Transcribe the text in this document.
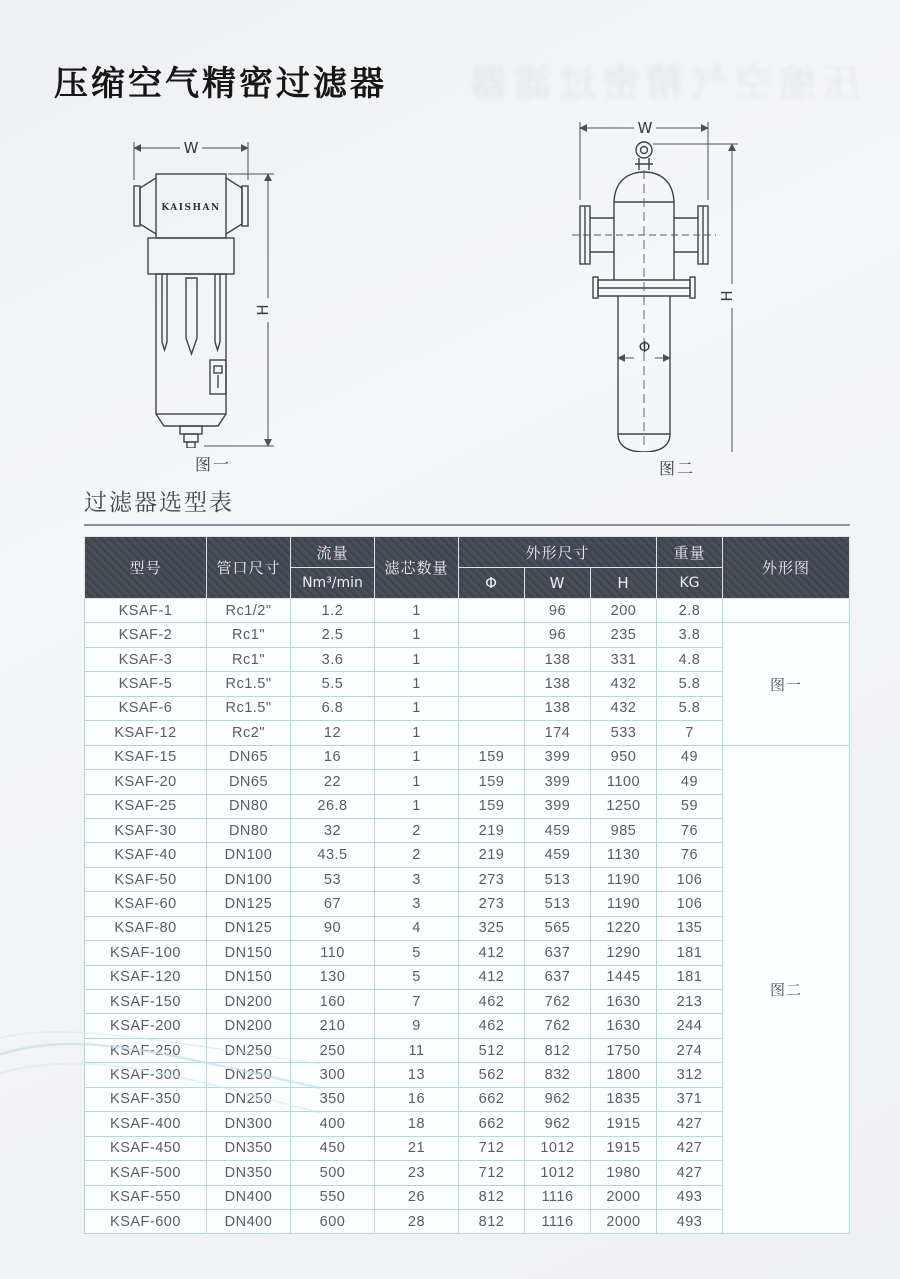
压缩空气精密过滤器
压缩空气精密过滤器
W
KAISHAN
H
图一
W
Φ
H
图二
过滤器选型表
型号	管口尺寸	流量	滤芯数量	外形尺寸			重量	外形图
		Nm³/min		Φ	W	H	KG	
KSAF-1	Rc1/2"	1.2	1		96	200	2.8	
KSAF-2	Rc1"	2.5	1		96	235	3.8	图一
KSAF-3	Rc1"	3.6	1		138	331	4.8	
KSAF-5	Rc1.5"	5.5	1		138	432	5.8	
KSAF-6	Rc1.5"	6.8	1		138	432	5.8	
KSAF-12	Rc2"	12	1		174	533	7	
KSAF-15	DN65	16	1	159	399	950	49	图二
KSAF-20	DN65	22	1	159	399	1100	49	
KSAF-25	DN80	26.8	1	159	399	1250	59	
KSAF-30	DN80	32	2	219	459	985	76	
KSAF-40	DN100	43.5	2	219	459	1130	76	
KSAF-50	DN100	53	3	273	513	1190	106	
KSAF-60	DN125	67	3	273	513	1190	106	
KSAF-80	DN125	90	4	325	565	1220	135	
KSAF-100	DN150	110	5	412	637	1290	181	
KSAF-120	DN150	130	5	412	637	1445	181	
KSAF-150	DN200	160	7	462	762	1630	213	
KSAF-200	DN200	210	9	462	762	1630	244	
KSAF-250	DN250	250	11	512	812	1750	274	
KSAF-300	DN250	300	13	562	832	1800	312	
KSAF-350	DN250	350	16	662	962	1835	371	
KSAF-400	DN300	400	18	662	962	1915	427	
KSAF-450	DN350	450	21	712	1012	1915	427	
KSAF-500	DN350	500	23	712	1012	1980	427	
KSAF-550	DN400	550	26	812	1116	2000	493	
KSAF-600	DN400	600	28	812	1116	2000	493	
